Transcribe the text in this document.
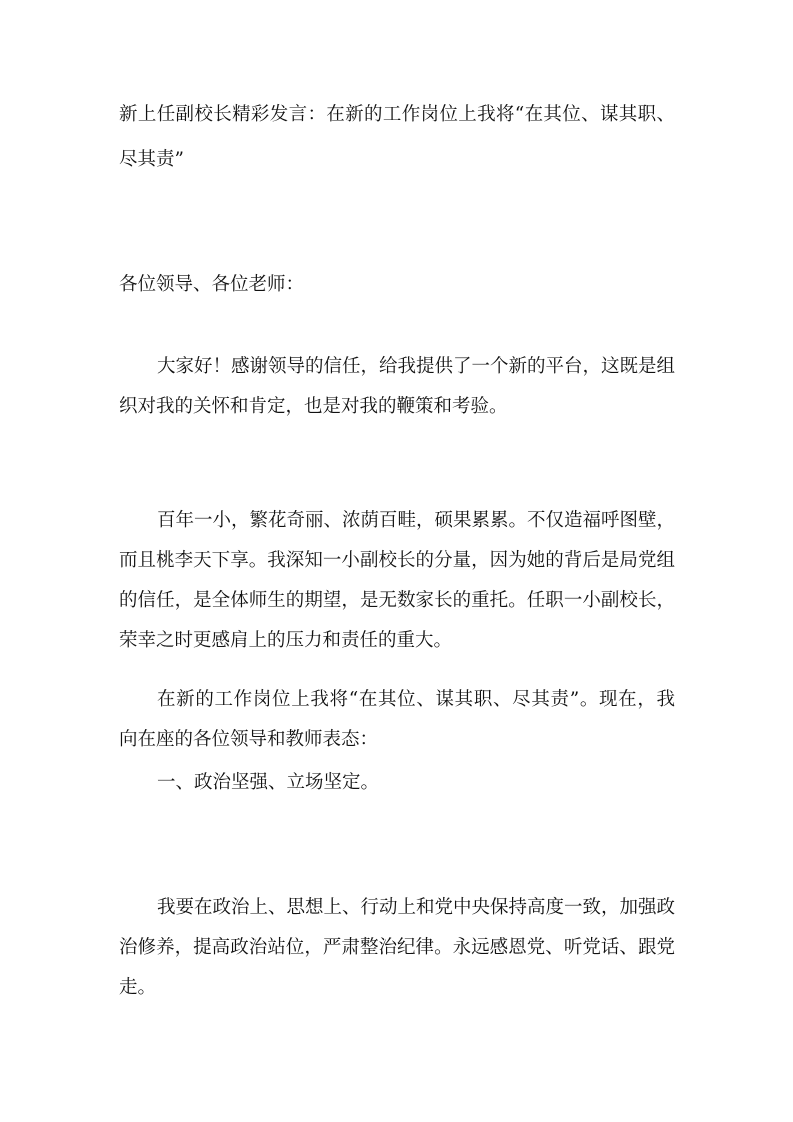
新上任副校长精彩发言：在新的工作岗位上我将“在其位、谋其职、
尽其责”
各位领导、各位老师：
大家好！感谢领导的信任，给我提供了一个新的平台，这既是组
织对我的关怀和肯定，也是对我的鞭策和考验。
百年一小，繁花奇丽、浓荫百畦，硕果累累。不仅造福呼图壁，
而且桃李天下享。我深知一小副校长的分量，因为她的背后是局党组
的信任，是全体师生的期望，是无数家长的重托。任职一小副校长，
荣幸之时更感肩上的压力和责任的重大。
在新的工作岗位上我将“在其位、谋其职、尽其责”。现在，我
向在座的各位领导和教师表态：
一、政治坚强、立场坚定。
我要在政治上、思想上、行动上和党中央保持高度一致，加强政
治修养，提高政治站位，严肃整治纪律。永远感恩党、听党话、跟党
走。
